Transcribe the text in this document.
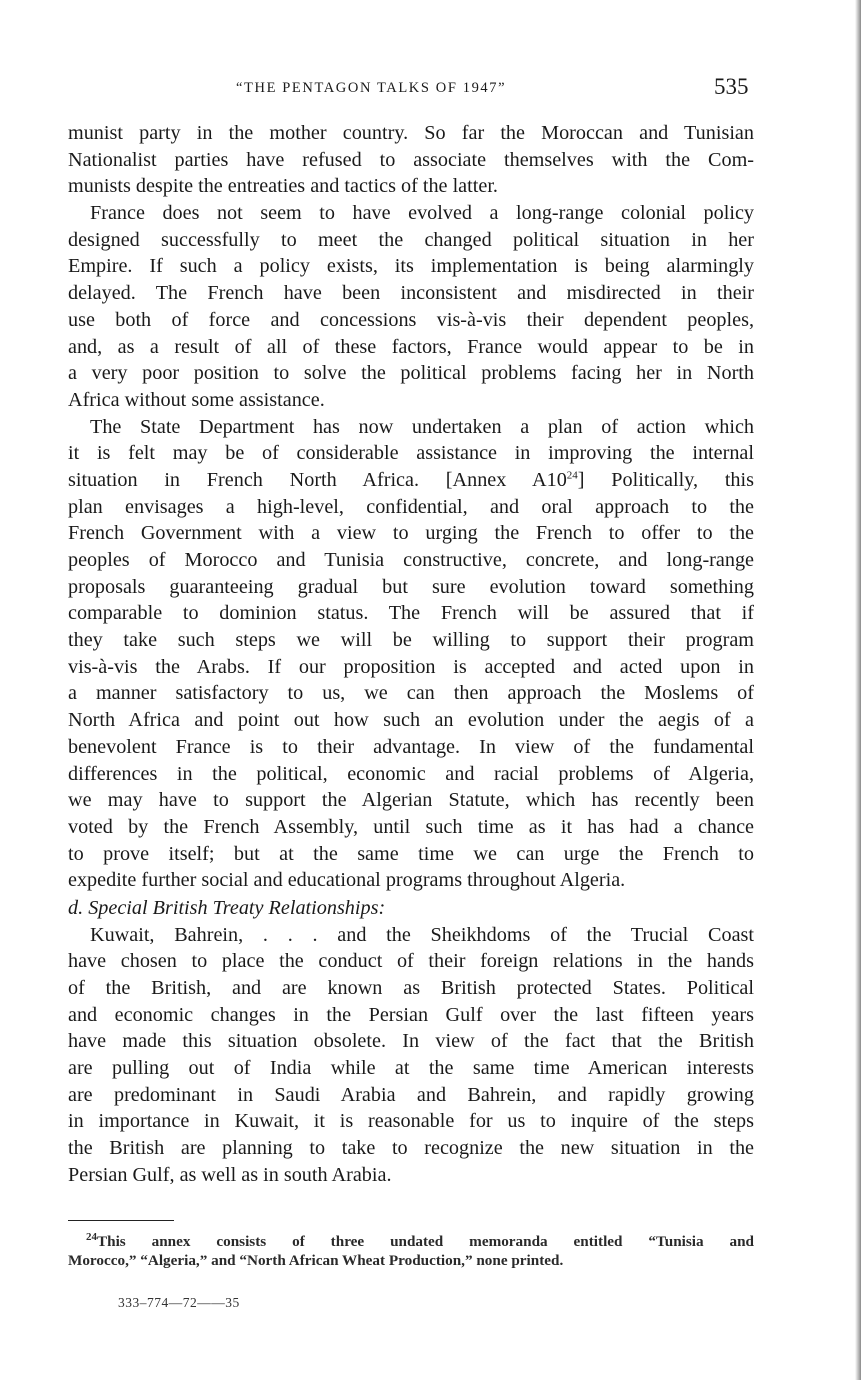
“THE PENTAGON TALKS OF 1947”	535
munist party in the mother country. So far the Moroccan and Tunisian
Nationalist parties have refused to associate themselves with the Com-
munists despite the entreaties and tactics of the latter.
France does not seem to have evolved a long-range colonial policy
designed successfully to meet the changed political situation in her
Empire. If such a policy exists, its implementation is being alarmingly
delayed. The French have been inconsistent and misdirected in their
use both of force and concessions vis-à-vis their dependent peoples,
and, as a result of all of these factors, France would appear to be in
a very poor position to solve the political problems facing her in North
Africa without some assistance.
The State Department has now undertaken a plan of action which
it is felt may be of considerable assistance in improving the internal
situation in French North Africa. [Annex $A10^{24}$] Politically, this
plan envisages a high-level, confidential, and oral approach to the
French Government with a view to urging the French to offer to the
peoples of Morocco and Tunisia constructive, concrete, and long-range
proposals guaranteeing gradual but sure evolution toward something
comparable to dominion status. The French will be assured that if
they take such steps we will be willing to support their program
vis-à-vis the Arabs. If our proposition is accepted and acted upon in
a manner satisfactory to us, we can then approach the Moslems of
North Africa and point out how such an evolution under the aegis of a
benevolent France is to their advantage. In view of the fundamental
differences in the political, economic and racial problems of Algeria,
we may have to support the Algerian Statute, which has recently been
voted by the French Assembly, until such time as it has had a chance
to prove itself; but at the same time we can urge the French to
expedite further social and educational programs throughout Algeria.
d. Special British Treaty Relationships:
Kuwait, Bahrein, . . . and the Sheikhdoms of the Trucial Coast
have chosen to place the conduct of their foreign relations in the hands
of the British, and are known as British protected States. Political
and economic changes in the Persian Gulf over the last fifteen years
have made this situation obsolete. In view of the fact that the British
are pulling out of India while at the same time American interests
are predominant in Saudi Arabia and Bahrein, and rapidly growing
in importance in Kuwait, it is reasonable for us to inquire of the steps
the British are planning to take to recognize the new situation in the
Persian Gulf, as well as in south Arabia.
$^{24}$This annex consists of three undated memoranda entitled “Tunisia and
Morocco,” “Algeria,” and “North African Wheat Production,” none printed.
333–774—72——35
